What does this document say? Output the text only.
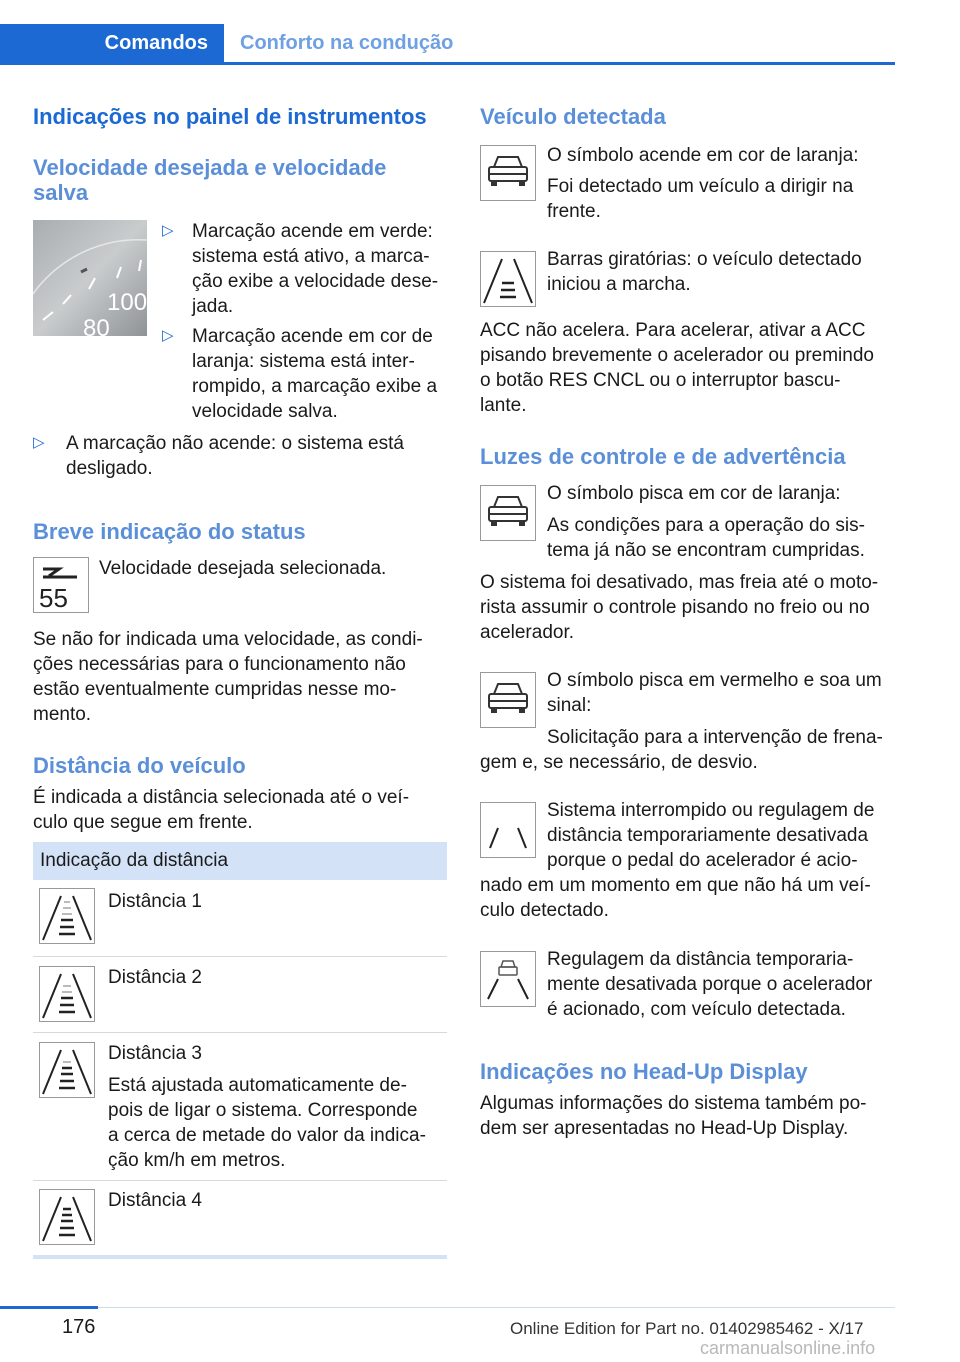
Comandos	Conforto na condução
Indicações no painel de instrumentos
Velocidade desejada e velocidade
salva
100
80
▷ Marcação acende em verde:
sistema está ativo, a marca‐
ção exibe a velocidade dese‐
jada.
▷ Marcação acende em cor de
laranja: sistema está inter‐
rompido, a marcação exibe a
velocidade salva.
▷ A marcação não acende: o sistema está
desligado.
Breve indicação do status
55
Velocidade desejada selecionada.
Se não for indicada uma velocidade, as condi‐
ções necessárias para o funcionamento não
estão eventualmente cumpridas nesse mo‐
mento.
Distância do veículo
É indicada a distância selecionada até o veí‐
culo que segue em frente.
Indicação da distância
Distância 1
Distância 2
Distância 3
Está ajustada automaticamente de‐
pois de ligar o sistema. Corresponde
a cerca de metade do valor da indica‐
ção km/h em metros.
Distância 4
Veículo detectada
O símbolo acende em cor de laranja:
Foi detectado um veículo a dirigir na
frente.
Barras giratórias: o veículo detectado
iniciou a marcha.
ACC não acelera. Para acelerar, ativar a ACC
pisando brevemente o acelerador ou premindo
o botão RES CNCL ou o interruptor bascu‐
lante.
Luzes de controle e de advertência
O símbolo pisca em cor de laranja:
As condições para a operação do sis‐
tema já não se encontram cumpridas.
O sistema foi desativado, mas freia até o moto‐
rista assumir o controle pisando no freio ou no
acelerador.
O símbolo pisca em vermelho e soa um
sinal:
Solicitação para a intervenção de frena‐
gem e, se necessário, de desvio.
Sistema interrompido ou regulagem de
distância temporariamente desativada
porque o pedal do acelerador é acio‐
nado em um momento em que não há um veí‐
culo detectado.
Regulagem da distância temporaria‐
mente desativada porque o acelerador
é acionado, com veículo detectada.
Indicações no Head-Up Display
Algumas informações do sistema também po‐
dem ser apresentadas no Head-Up Display.
176	Online Edition for Part no. 01402985462 - X/17
carmanualsonline.info
